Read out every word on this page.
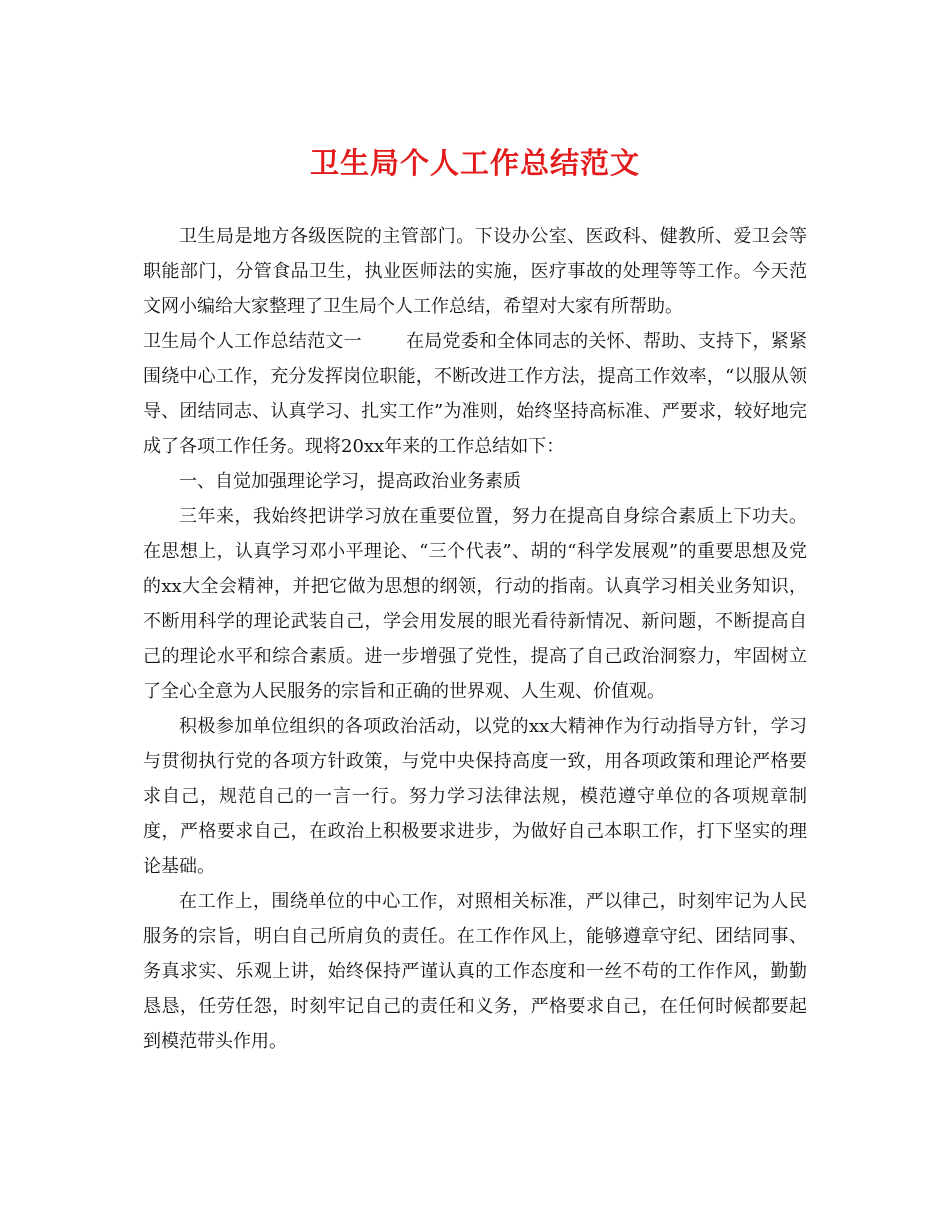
卫生局个人工作总结范文

卫生局是地方各级医院的主管部门。下设办公室、医政科、健教所、爱卫会等职能部门，分管食品卫生，执业医师法的实施，医疗事故的处理等等工作。今天范文网小编给大家整理了卫生局个人工作总结，希望对大家有所帮助。

卫生局个人工作总结范文一 在局党委和全体同志的关怀、帮助、支持下，紧紧围绕中心工作，充分发挥岗位职能，不断改进工作方法，提高工作效率，“以服从领导、团结同志、认真学习、扎实工作”为准则，始终坚持高标准、严要求，较好地完成了各项工作任务。现将20xx年来的工作总结如下：

一、自觉加强理论学习，提高政治业务素质

三年来，我始终把讲学习放在重要位置，努力在提高自身综合素质上下功夫。在思想上，认真学习邓小平理论、“三个代表”、胡的“科学发展观”的重要思想及党的xx大全会精神，并把它做为思想的纲领，行动的指南。认真学习相关业务知识，不断用科学的理论武装自己，学会用发展的眼光看待新情况、新问题，不断提高自己的理论水平和综合素质。进一步增强了党性，提高了自己政治洞察力，牢固树立了全心全意为人民服务的宗旨和正确的世界观、人生观、价值观。

积极参加单位组织的各项政治活动，以党的xx大精神作为行动指导方针，学习与贯彻执行党的各项方针政策，与党中央保持高度一致，用各项政策和理论严格要求自己，规范自己的一言一行。努力学习法律法规，模范遵守单位的各项规章制度，严格要求自己，在政治上积极要求进步，为做好自己本职工作，打下坚实的理论基础。

在工作上，围绕单位的中心工作，对照相关标准，严以律己，时刻牢记为人民服务的宗旨，明白自己所肩负的责任。在工作作风上，能够遵章守纪、团结同事、务真求实、乐观上讲，始终保持严谨认真的工作态度和一丝不苟的工作作风，勤勤恳恳，任劳任怨，时刻牢记自己的责任和义务，严格要求自己，在任何时候都要起到模范带头作用。
